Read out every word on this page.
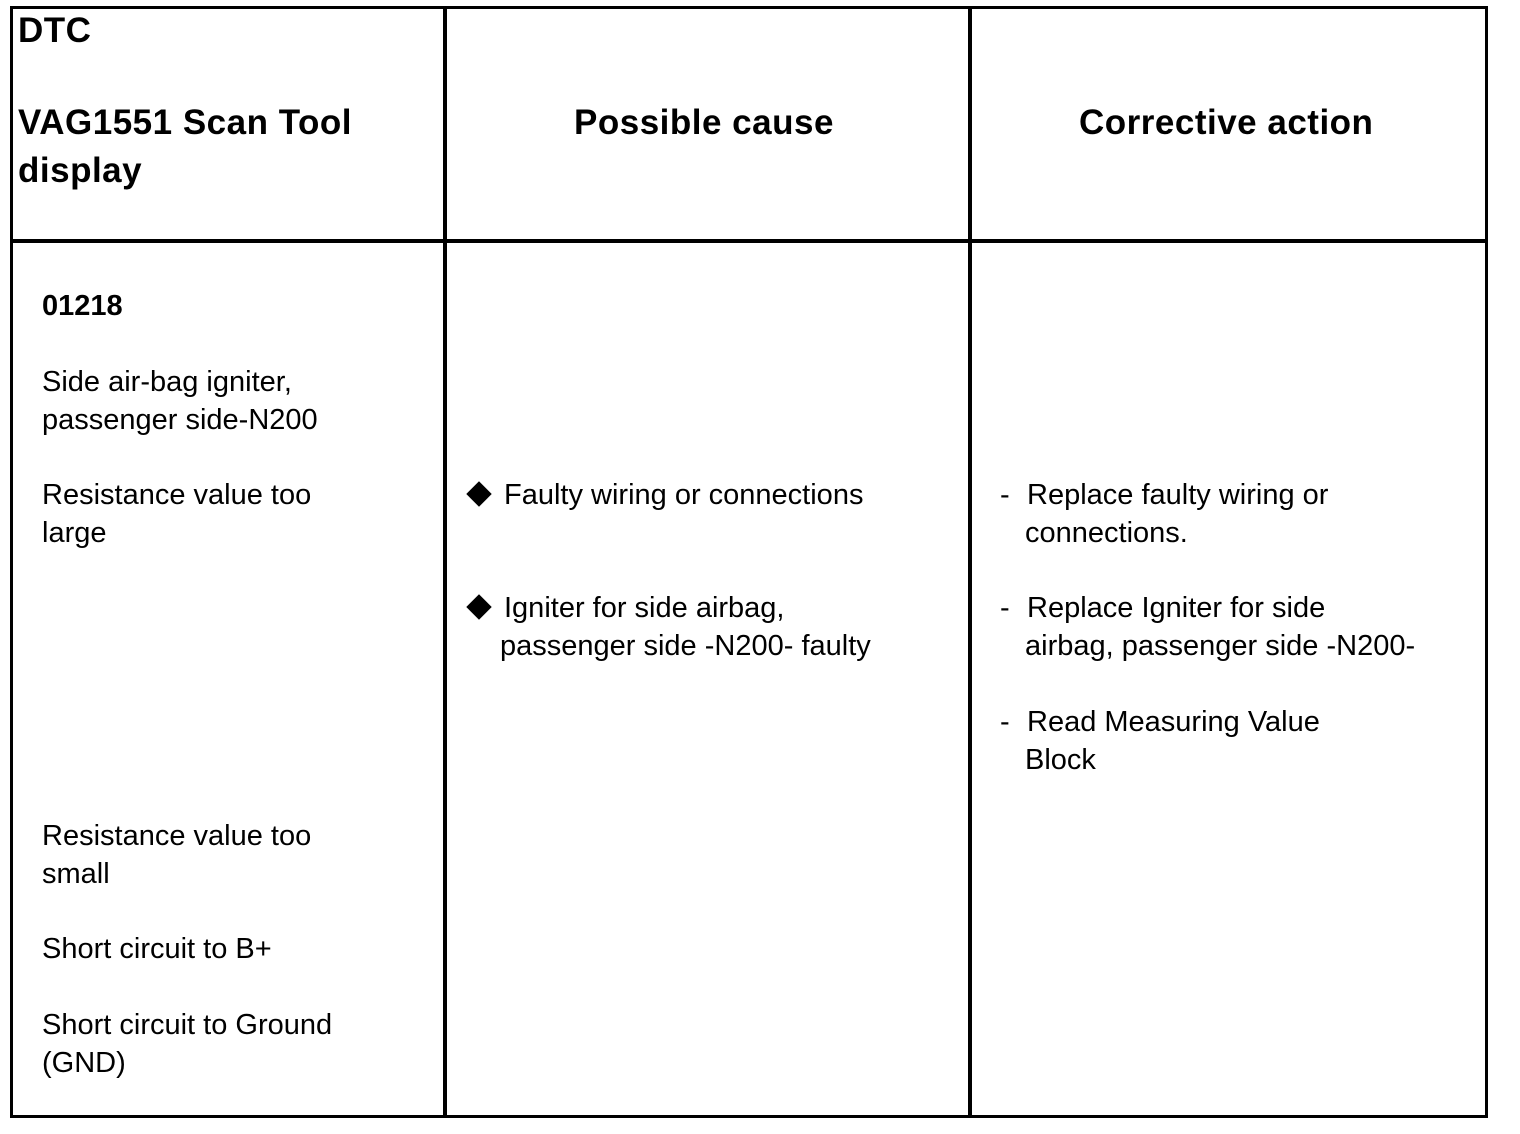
DTC
VAG1551 Scan Tool
display
Possible cause	Corrective action
01218
Side air-bag igniter,
passenger side-N200
Resistance value too
large
Resistance value too
small
Short circuit to B+
Short circuit to Ground
(GND)
Faulty wiring or connections
Igniter for side airbag,
passenger side -N200- faulty
- Replace faulty wiring or
connections.
- Replace Igniter for side
airbag, passenger side -N200-
- Read Measuring Value
Block
